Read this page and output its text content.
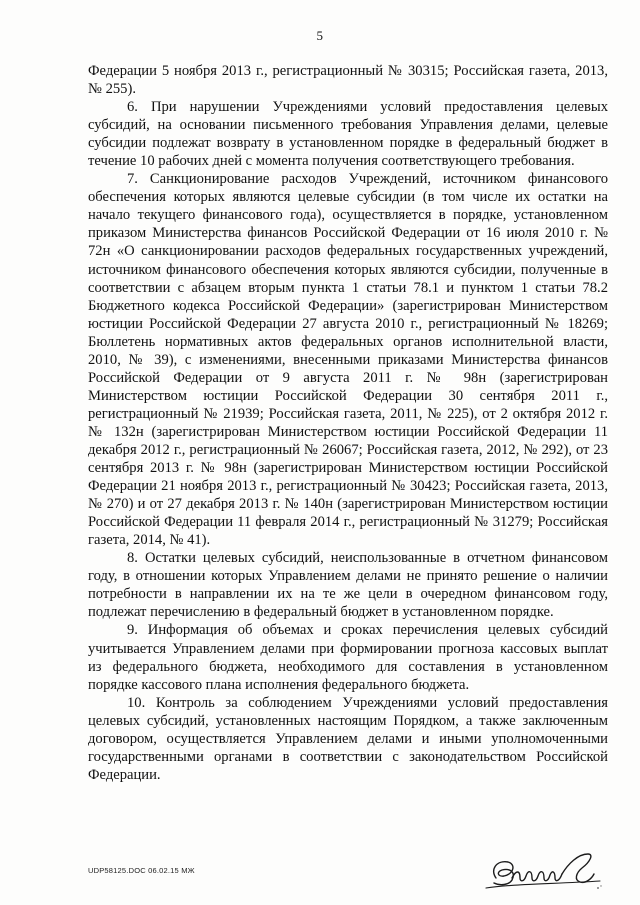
5

Федерации 5 ноября 2013 г., регистрационный № 30315; Российская газета, 2013, № 255).

6. При нарушении Учреждениями условий предоставления целевых субсидий, на основании письменного требования Управления делами, целевые субсидии подлежат возврату в установленном порядке в федеральный бюджет в течение 10 рабочих дней с момента получения соответствующего требования.

7. Санкционирование расходов Учреждений, источником финансового обеспечения которых являются целевые субсидии (в том числе их остатки на начало текущего финансового года), осуществляется в порядке, установленном приказом Министерства финансов Российской Федерации от 16 июля 2010 г. № 72н «О санкционировании расходов федеральных государственных учреждений, источником финансового обеспечения которых являются субсидии, полученные в соответствии с абзацем вторым пункта 1 статьи 78.1 и пунктом 1 статьи 78.2 Бюджетного кодекса Российской Федерации» (зарегистрирован Министерством юстиции Российской Федерации 27 августа 2010 г., регистрационный № 18269; Бюллетень нормативных актов федеральных органов исполнительной власти, 2010, № 39), с изменениями, внесенными приказами Министерства финансов Российской Федерации от 9 августа 2011 г. № 98н (зарегистрирован Министерством юстиции Российской Федерации 30 сентября 2011 г., регистрационный № 21939; Российская газета, 2011, № 225), от 2 октября 2012 г. № 132н (зарегистрирован Министерством юстиции Российской Федерации 11 декабря 2012 г., регистрационный № 26067; Российская газета, 2012, № 292), от 23 сентября 2013 г. № 98н (зарегистрирован Министерством юстиции Российской Федерации 21 ноября 2013 г., регистрационный № 30423; Российская газета, 2013, № 270) и от 27 декабря 2013 г. № 140н (зарегистрирован Министерством юстиции Российской Федерации 11 февраля 2014 г., регистрационный № 31279; Российская газета, 2014, № 41).

8. Остатки целевых субсидий, неиспользованные в отчетном финансовом году, в отношении которых Управлением делами не принято решение о наличии потребности в направлении их на те же цели в очередном финансовом году, подлежат перечислению в федеральный бюджет в установленном порядке.

9. Информация об объемах и сроках перечисления целевых субсидий учитывается Управлением делами при формировании прогноза кассовых выплат из федерального бюджета, необходимого для составления в установленном порядке кассового плана исполнения федерального бюджета.

10. Контроль за соблюдением Учреждениями условий предоставления целевых субсидий, установленных настоящим Порядком, а также заключенным договором, осуществляется Управлением делами и иными уполномоченными государственными органами в соответствии с законодательством Российской Федерации.

UDP58125.DOC 06.02.15 МЖ
